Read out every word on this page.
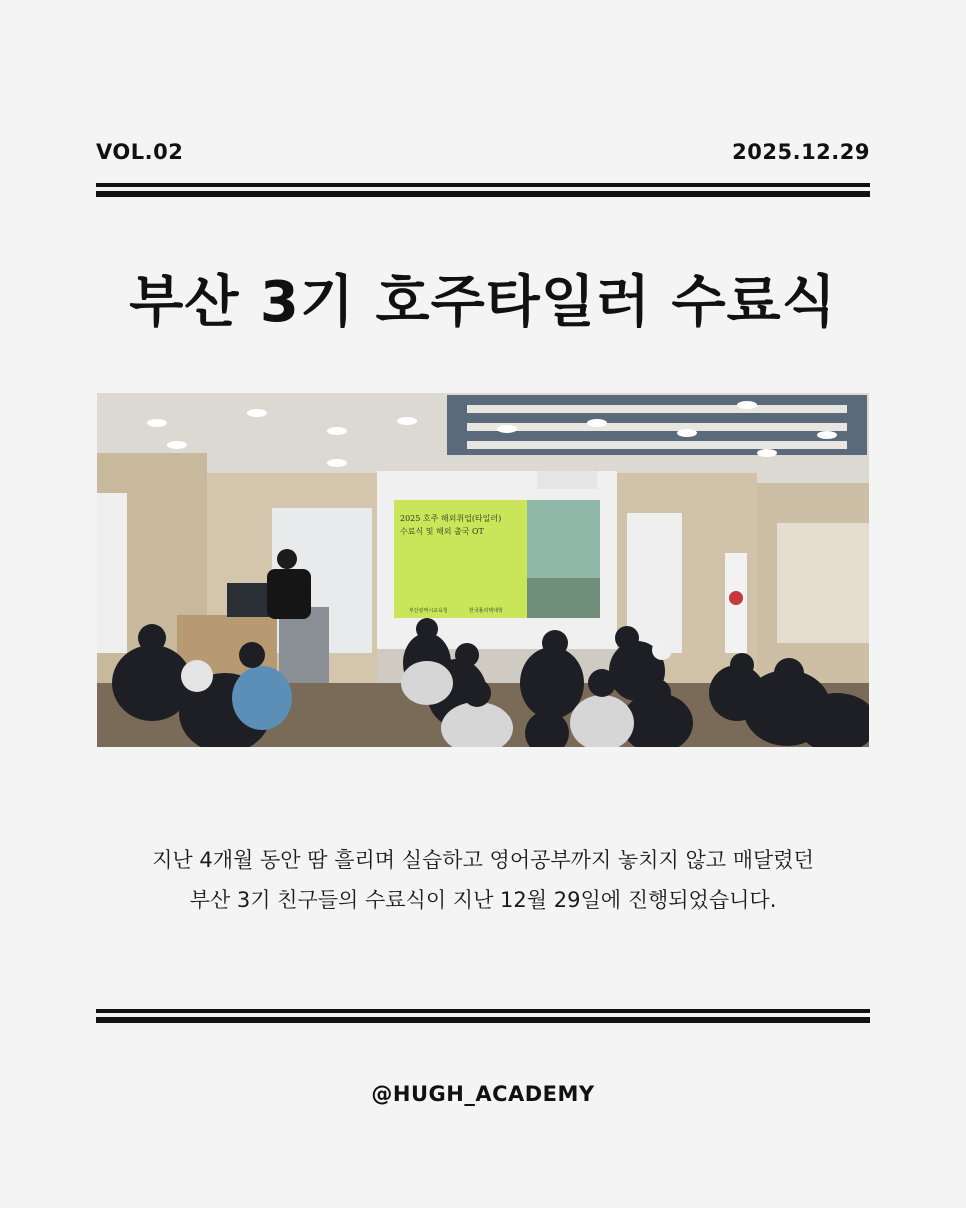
VOL.02	2025.12.29
부산 3기 호주타일러 수료식
2025 호주 해외취업(타일러)
수료식 및 해외 출국 OT
부산광역시교육청	한국폴리텍대학
지난 4개월 동안 땀 흘리며 실습하고 영어공부까지 놓치지 않고 매달렸던
부산 3기 친구들의 수료식이 지난 12월 29일에 진행되었습니다.
@HUGH_ACADEMY
